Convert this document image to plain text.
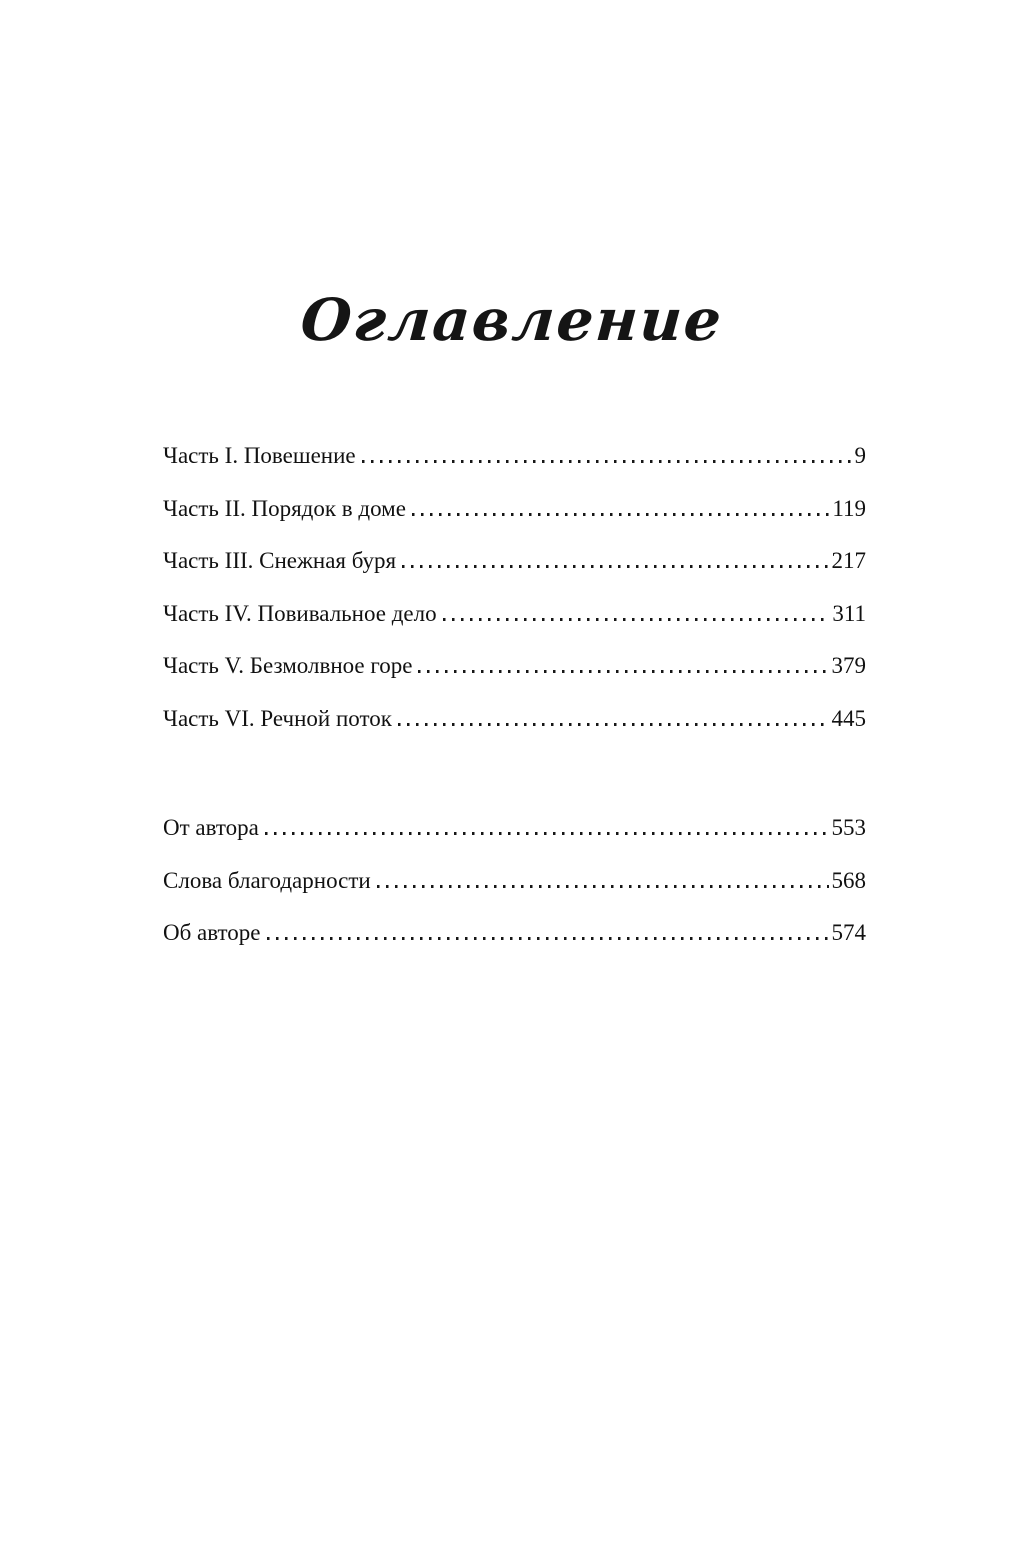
Оглавление
Часть I. Повешение	9
Часть II. Порядок в доме	119
Часть III. Снежная буря	217
Часть IV. Повивальное дело	311
Часть V. Безмолвное горе	379
Часть VI. Речной поток	445
От автора	553
Слова благодарности	568
Об авторе	574
